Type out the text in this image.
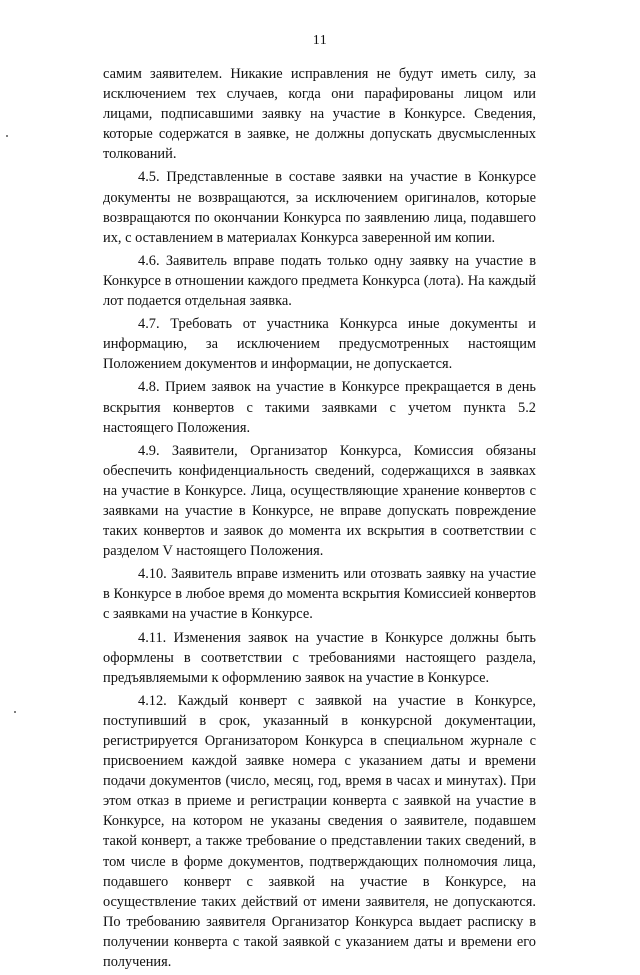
11

самим заявителем. Никакие исправления не будут иметь силу, за исключением тех случаев, когда они парафированы лицом или лицами, подписавшими заявку на участие в Конкурсе. Сведения, которые содержатся в заявке, не должны допускать двусмысленных толкований.

4.5. Представленные в составе заявки на участие в Конкурсе документы не возвращаются, за исключением оригиналов, которые возвращаются по окончании Конкурса по заявлению лица, подавшего их, с оставлением в материалах Конкурса заверенной им копии.

4.6. Заявитель вправе подать только одну заявку на участие в Конкурсе в отношении каждого предмета Конкурса (лота). На каждый лот подается отдельная заявка.

4.7. Требовать от участника Конкурса иные документы и информацию, за исключением предусмотренных настоящим Положением документов и информации, не допускается.

4.8. Прием заявок на участие в Конкурсе прекращается в день вскрытия конвертов с такими заявками с учетом пункта 5.2 настоящего Положения.

4.9. Заявители, Организатор Конкурса, Комиссия обязаны обеспечить конфиденциальность сведений, содержащихся в заявках на участие в Конкурсе. Лица, осуществляющие хранение конвертов с заявками на участие в Конкурсе, не вправе допускать повреждение таких конвертов и заявок до момента их вскрытия в соответствии с разделом V настоящего Положения.

4.10. Заявитель вправе изменить или отозвать заявку на участие в Конкурсе в любое время до момента вскрытия Комиссией конвертов с заявками на участие в Конкурсе.

4.11. Изменения заявок на участие в Конкурсе должны быть оформлены в соответствии с требованиями настоящего раздела, предъявляемыми к оформлению заявок на участие в Конкурсе.

4.12. Каждый конверт с заявкой на участие в Конкурсе, поступивший в срок, указанный в конкурсной документации, регистрируется Организатором Конкурса в специальном журнале с присвоением каждой заявке номера с указанием даты и времени подачи документов (число, месяц, год, время в часах и минутах). При этом отказ в приеме и регистрации конверта с заявкой на участие в Конкурсе, на котором не указаны сведения о заявителе, подавшем такой конверт, а также требование о представлении таких сведений, в том числе в форме документов, подтверждающих полномочия лица, подавшего конверт с заявкой на участие в Конкурсе, на осуществление таких действий от имени заявителя, не допускаются. По требованию заявителя Организатор Конкурса выдает расписку в получении конверта с такой заявкой с указанием даты и времени его получения.
